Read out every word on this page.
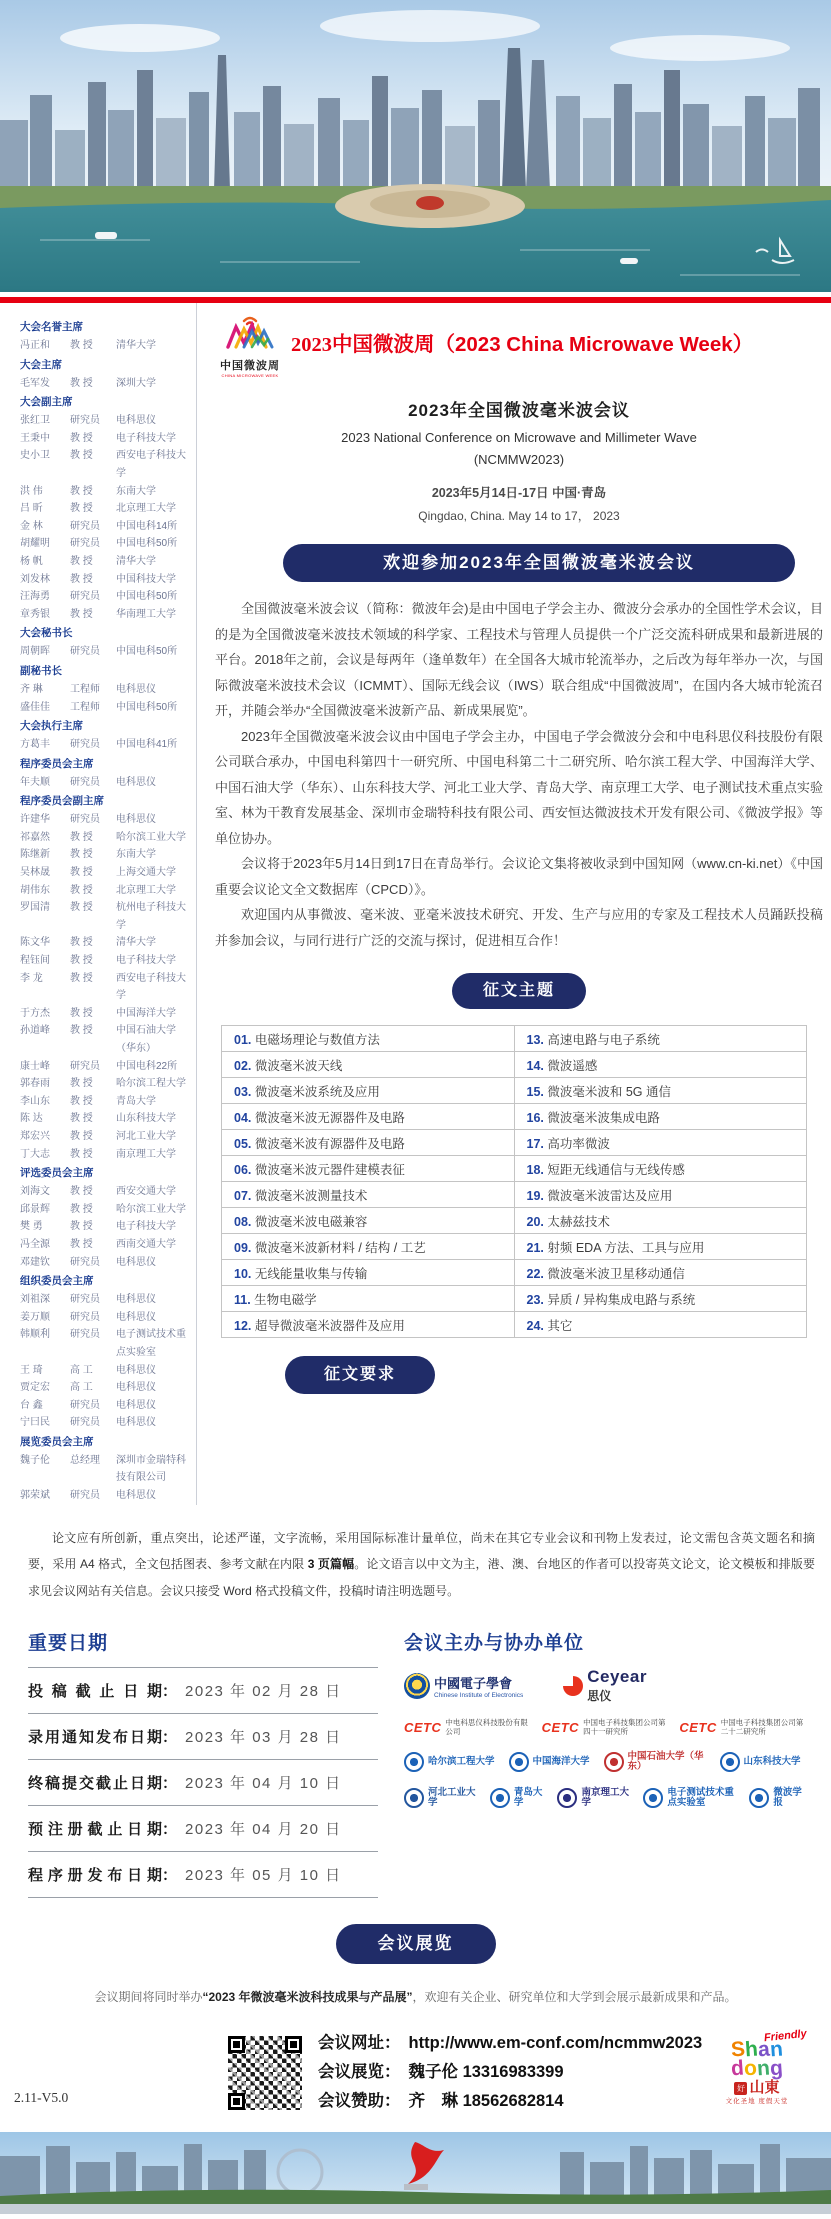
大会名誉主席
冯正和	教 授	清华大学
大会主席
毛军发	教 授	深圳大学
大会副主席
张红卫	研究员	电科思仪
王秉中	教 授	电子科技大学
史小卫	教 授	西安电子科技大学
洪 伟	教 授	东南大学
吕 昕	教 授	北京理工大学
金 林	研究员	中国电科14所
胡耀明	研究员	中国电科50所
杨 帆	教 授	清华大学
刘发林	教 授	中国科技大学
汪海勇	研究员	中国电科50所
章秀银	教 授	华南理工大学
大会秘书长
周朝晖	研究员	中国电科50所
副秘书长
齐 琳	工程师	电科思仪
盛佳佳	工程师	中国电科50所
大会执行主席
方葛丰	研究员	中国电科41所
程序委员会主席
年夫顺	研究员	电科思仪
程序委员会副主席
许建华	研究员	电科思仪
祁嘉然	教 授	哈尔滨工业大学
陈继新	教 授	东南大学
吴林晟	教 授	上海交通大学
胡伟东	教 授	北京理工大学
罗国清	教 授	杭州电子科技大学
陈文华	教 授	清华大学
程钰间	教 授	电子科技大学
李 龙	教 授	西安电子科技大学
于方杰	教 授	中国海洋大学
孙道峰	教 授	中国石油大学（华东）
康士峰	研究员	中国电科22所
郭春雨	教 授	哈尔滨工程大学
李山东	教 授	青岛大学
陈 达	教 授	山东科技大学
郑宏兴	教 授	河北工业大学
丁大志	教 授	南京理工大学
评选委员会主席
刘海文	教 授	西安交通大学
邱景辉	教 授	哈尔滨工业大学
樊 勇	教 授	电子科技大学
冯全源	教 授	西南交通大学
邓建钦	研究员	电科思仪
组织委员会主席
刘祖深	研究员	电科思仪
姜万顺	研究员	电科思仪
韩顺利	研究员	电子测试技术重点实验室
王 琦	高 工	电科思仪
贾定宏	高 工	电科思仪
台 鑫	研究员	电科思仪
宁曰民	研究员	电科思仪
展览委员会主席
魏子伦	总经理	深圳市金瑞特科技有限公司
郭荣斌	研究员	电科思仪
中国微波周
CHINA MICROWAVE WEEK
2023中国微波周（2023 China Microwave Week）
2023年全国微波毫米波会议
2023 National Conference on Microwave and Millimeter Wave
(NCMMW2023)
2023年5月14日-17日 中国·青岛
Qingdao, China. May 14 to 17， 2023
欢迎参加2023年全国微波毫米波会议

全国微波毫米波会议（简称：微波年会)是由中国电子学会主办、微波分会承办的全国性学术会议，目的是为全国微波毫米波技术领域的科学家、工程技术与管理人员提供一个广泛交流科研成果和最新进展的平台。2018年之前，会议是每两年（逢单数年）在全国各大城市轮流举办，之后改为每年举办一次，与国际微波毫米波技术会议（ICMMT）、国际无线会议（IWS）联合组成“中国微波周”，在国内各大城市轮流召开，并随会举办“全国微波毫米波新产品、新成果展览”。

2023年全国微波毫米波会议由中国电子学会主办，中国电子学会微波分会和中电科思仪科技股份有限公司联合承办，中国电科第四十一研究所、中国电科第二十二研究所、哈尔滨工程大学、中国海洋大学、中国石油大学（华东）、山东科技大学、河北工业大学、青岛大学、南京理工大学、电子测试技术重点实验室、林为干教育发展基金、深圳市金瑞特科技有限公司、西安恒达微波技术开发有限公司、《微波学报》等单位协办。

会议将于2023年5月14日到17日在青岛举行。会议论文集将被收录到中国知网（www.cn-ki.net）《中国重要会议论文全文数据库（CPCD）》。

欢迎国内从事微波、毫米波、亚毫米波技术研究、开发、生产与应用的专家及工程技术人员踊跃投稿并参加会议，与同行进行广泛的交流与探讨，促进相互合作！

征文主题
01. 电磁场理论与数值方法	13. 高速电路与电子系统
02. 微波毫米波天线	14. 微波遥感
03. 微波毫米波系统及应用	15. 微波毫米波和 5G 通信
04. 微波毫米波无源器件及电路	16. 微波毫米波集成电路
05. 微波毫米波有源器件及电路	17. 高功率微波
06. 微波毫米波元器件建模表征	18. 短距无线通信与无线传感
07. 微波毫米波测量技术	19. 微波毫米波雷达及应用
08. 微波毫米波电磁兼容	20. 太赫兹技术
09. 微波毫米波新材料 / 结构 / 工艺	21. 射频 EDA 方法、工具与应用
10. 无线能量收集与传输	22. 微波毫米波卫星移动通信
11. 生物电磁学	23. 异质 / 异构集成电路与系统
12. 超导微波毫米波器件及应用	24. 其它
征文要求
论文应有所创新，重点突出，论述严谨，文字流畅，采用国际标准计量单位，尚未在其它专业会议和刊物上发表过，论文需包含英文题名和摘要，采用 A4 格式，全文包括图表、参考文献在内限 3 页篇幅。论文语言以中文为主，港、澳、台地区的作者可以投寄英文论文，论文模板和排版要求见会议网站有关信息。会议只接受 Word 格式投稿文件，投稿时请注明选题号。
重要日期
投稿截止日期： 2023 年 02 月 28 日
录用通知发布日期： 2023 年 03 月 28 日
终稿提交截止日期： 2023 年 04 月 10 日
预注册截止日期： 2023 年 04 月 20 日
程序册发布日期： 2023 年 05 月 10 日
会议主办与协办单位
中國電子學會
Chinese Institute of Electronics
Ceyear
思仪
CETC 中电科思仪科技股份有限公司	CETC 中国电子科技集团公司第四十一研究所	CETC 中国电子科技集团公司第二十二研究所
哈尔滨工程大学	中国海洋大学	中国石油大学（华东）	山东科技大学
河北工业大学
青岛大学
南京理工大学
电子测试技术重点实验室
微波学报
会议展览
会议期间将同时举办“2023 年微波毫米波科技成果与产品展”，欢迎有关企业、研究单位和大学到会展示最新成果和产品。
2.11-V5.0
会议网址： http://www.em-conf.com/ncmmw2023
会议展览： 魏子伦 13316983399
会议赞助： 齐　琳 18562682814
Friendly
Shan
dong
好 山東
文化圣地 度假天堂
